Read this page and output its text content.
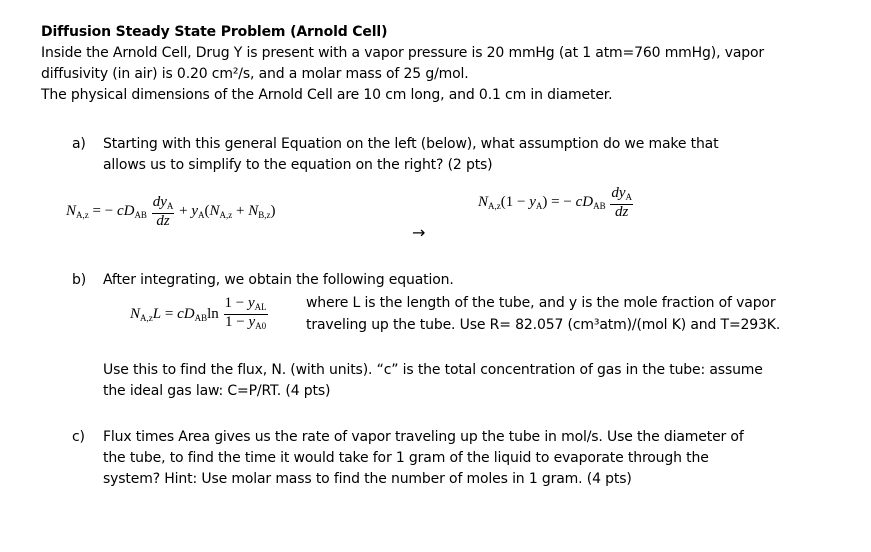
Diffusion Steady State Problem (Arnold Cell)
Inside the Arnold Cell, Drug Y is present with a vapor pressure is 20 mmHg (at 1 atm=760 mmHg), vapor
diffusivity (in air) is 0.20 cm²/s, and a molar mass of 25 g/mol.
The physical dimensions of the Arnold Cell are 10 cm long, and 0.1 cm in diameter.
a) Starting with this general Equation on the left (below), what assumption do we make that
allows us to simplify to the equation on the right? (2 pts)
$N_{A,z}$ = − $cD_{AB} \frac{dy_A}{dz} + y_A(N_{A,z} + N_{B,z})$
→
$N_{A,z}(1 - y_A)$ = − $cD_{AB} \frac{dy_A}{dz}$
b) After integrating, we obtain the following equation.
$N_{A,z}L = cD_{AB}\ln \frac{1 - y_{AL}}{1 - y_{A0}}$	where L is the length of the tube, and y is the mole fraction of vapor
traveling up the tube. Use R= 82.057 (cm³atm)/(mol K) and T=293K.
Use this to find the flux, N. (with units). “c” is the total concentration of gas in the tube: assume
the ideal gas law: C=P/RT. (4 pts)
c) Flux times Area gives us the rate of vapor traveling up the tube in mol/s. Use the diameter of
the tube, to find the time it would take for 1 gram of the liquid to evaporate through the
system? Hint: Use molar mass to find the number of moles in 1 gram. (4 pts)
